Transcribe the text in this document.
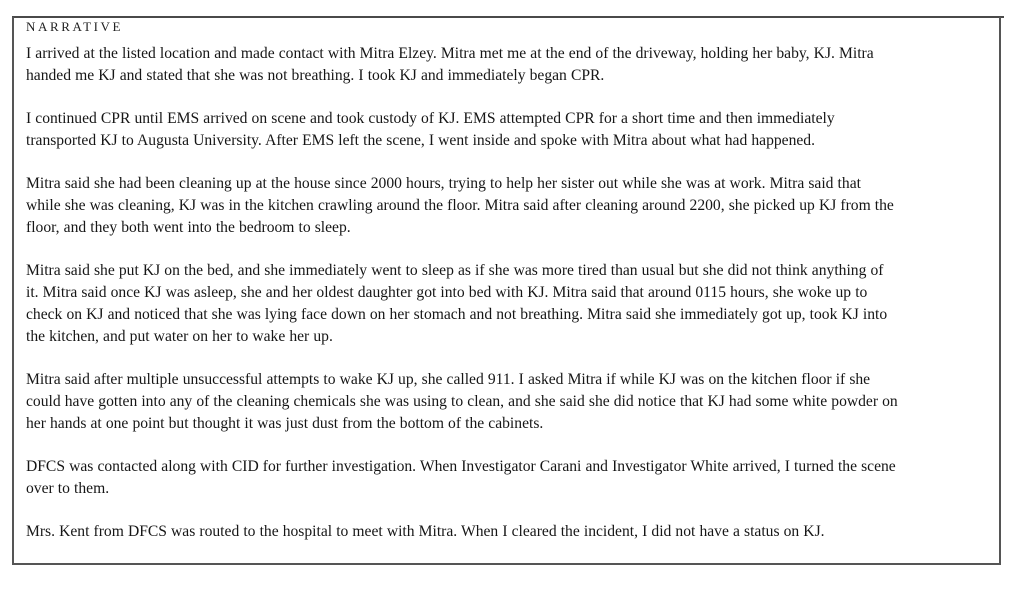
NARRATIVE

I arrived at the listed location and made contact with Mitra Elzey. Mitra met me at the end of the driveway, holding her baby, KJ. Mitra
handed me KJ and stated that she was not breathing. I took KJ and immediately began CPR.

I continued CPR until EMS arrived on scene and took custody of KJ. EMS attempted CPR for a short time and then immediately
transported KJ to Augusta University. After EMS left the scene, I went inside and spoke with Mitra about what had happened.

Mitra said she had been cleaning up at the house since 2000 hours, trying to help her sister out while she was at work. Mitra said that
while she was cleaning, KJ was in the kitchen crawling around the floor. Mitra said after cleaning around 2200, she picked up KJ from the
floor, and they both went into the bedroom to sleep.

Mitra said she put KJ on the bed, and she immediately went to sleep as if she was more tired than usual but she did not think anything of
it. Mitra said once KJ was asleep, she and her oldest daughter got into bed with KJ. Mitra said that around 0115 hours, she woke up to
check on KJ and noticed that she was lying face down on her stomach and not breathing. Mitra said she immediately got up, took KJ into
the kitchen, and put water on her to wake her up.

Mitra said after multiple unsuccessful attempts to wake KJ up, she called 911. I asked Mitra if while KJ was on the kitchen floor if she
could have gotten into any of the cleaning chemicals she was using to clean, and she said she did notice that KJ had some white powder on
her hands at one point but thought it was just dust from the bottom of the cabinets.

DFCS was contacted along with CID for further investigation. When Investigator Carani and Investigator White arrived, I turned the scene
over to them.

Mrs. Kent from DFCS was routed to the hospital to meet with Mitra. When I cleared the incident, I did not have a status on KJ.
